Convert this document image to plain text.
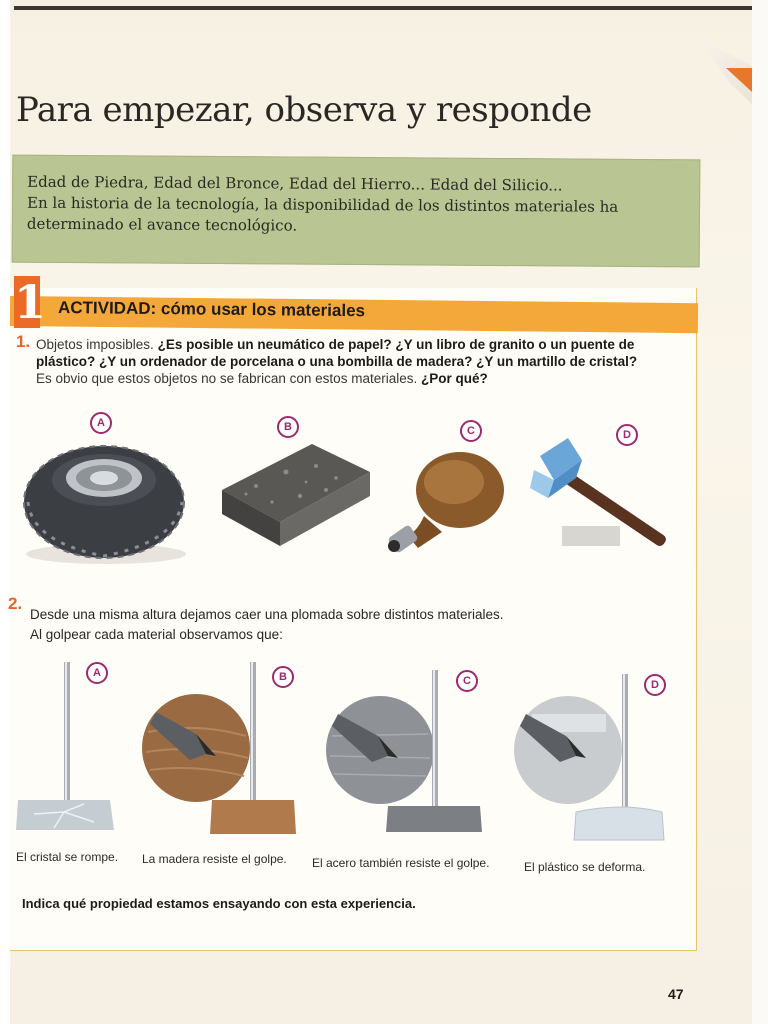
Para empezar, observa y responde

Edad de Piedra, Edad del Bronce, Edad del Hierro... Edad del Silicio...

En la historia de la tecnología, la disponibilidad de los distintos materiales ha determinado el avance tecnológico.

1 ACTIVIDAD: cómo usar los materiales
1. Objetos imposibles. ¿Es posible un neumático de papel? ¿Y un libro de granito o un puente de plástico? ¿Y un ordenador de porcelana o una bombilla de madera? ¿Y un martillo de cristal?
Es obvio que estos objetos no se fabrican con estos materiales. ¿Por qué?
A	B	C	D
2.
Desde una misma altura dejamos caer una plomada sobre distintos materiales.
Al golpear cada material observamos que:
A	B	C	D
El cristal se rompe. La madera resiste el golpe. El acero también resiste el golpe.	El plástico se deforma.
Indica qué propiedad estamos ensayando con esta experiencia.
47
